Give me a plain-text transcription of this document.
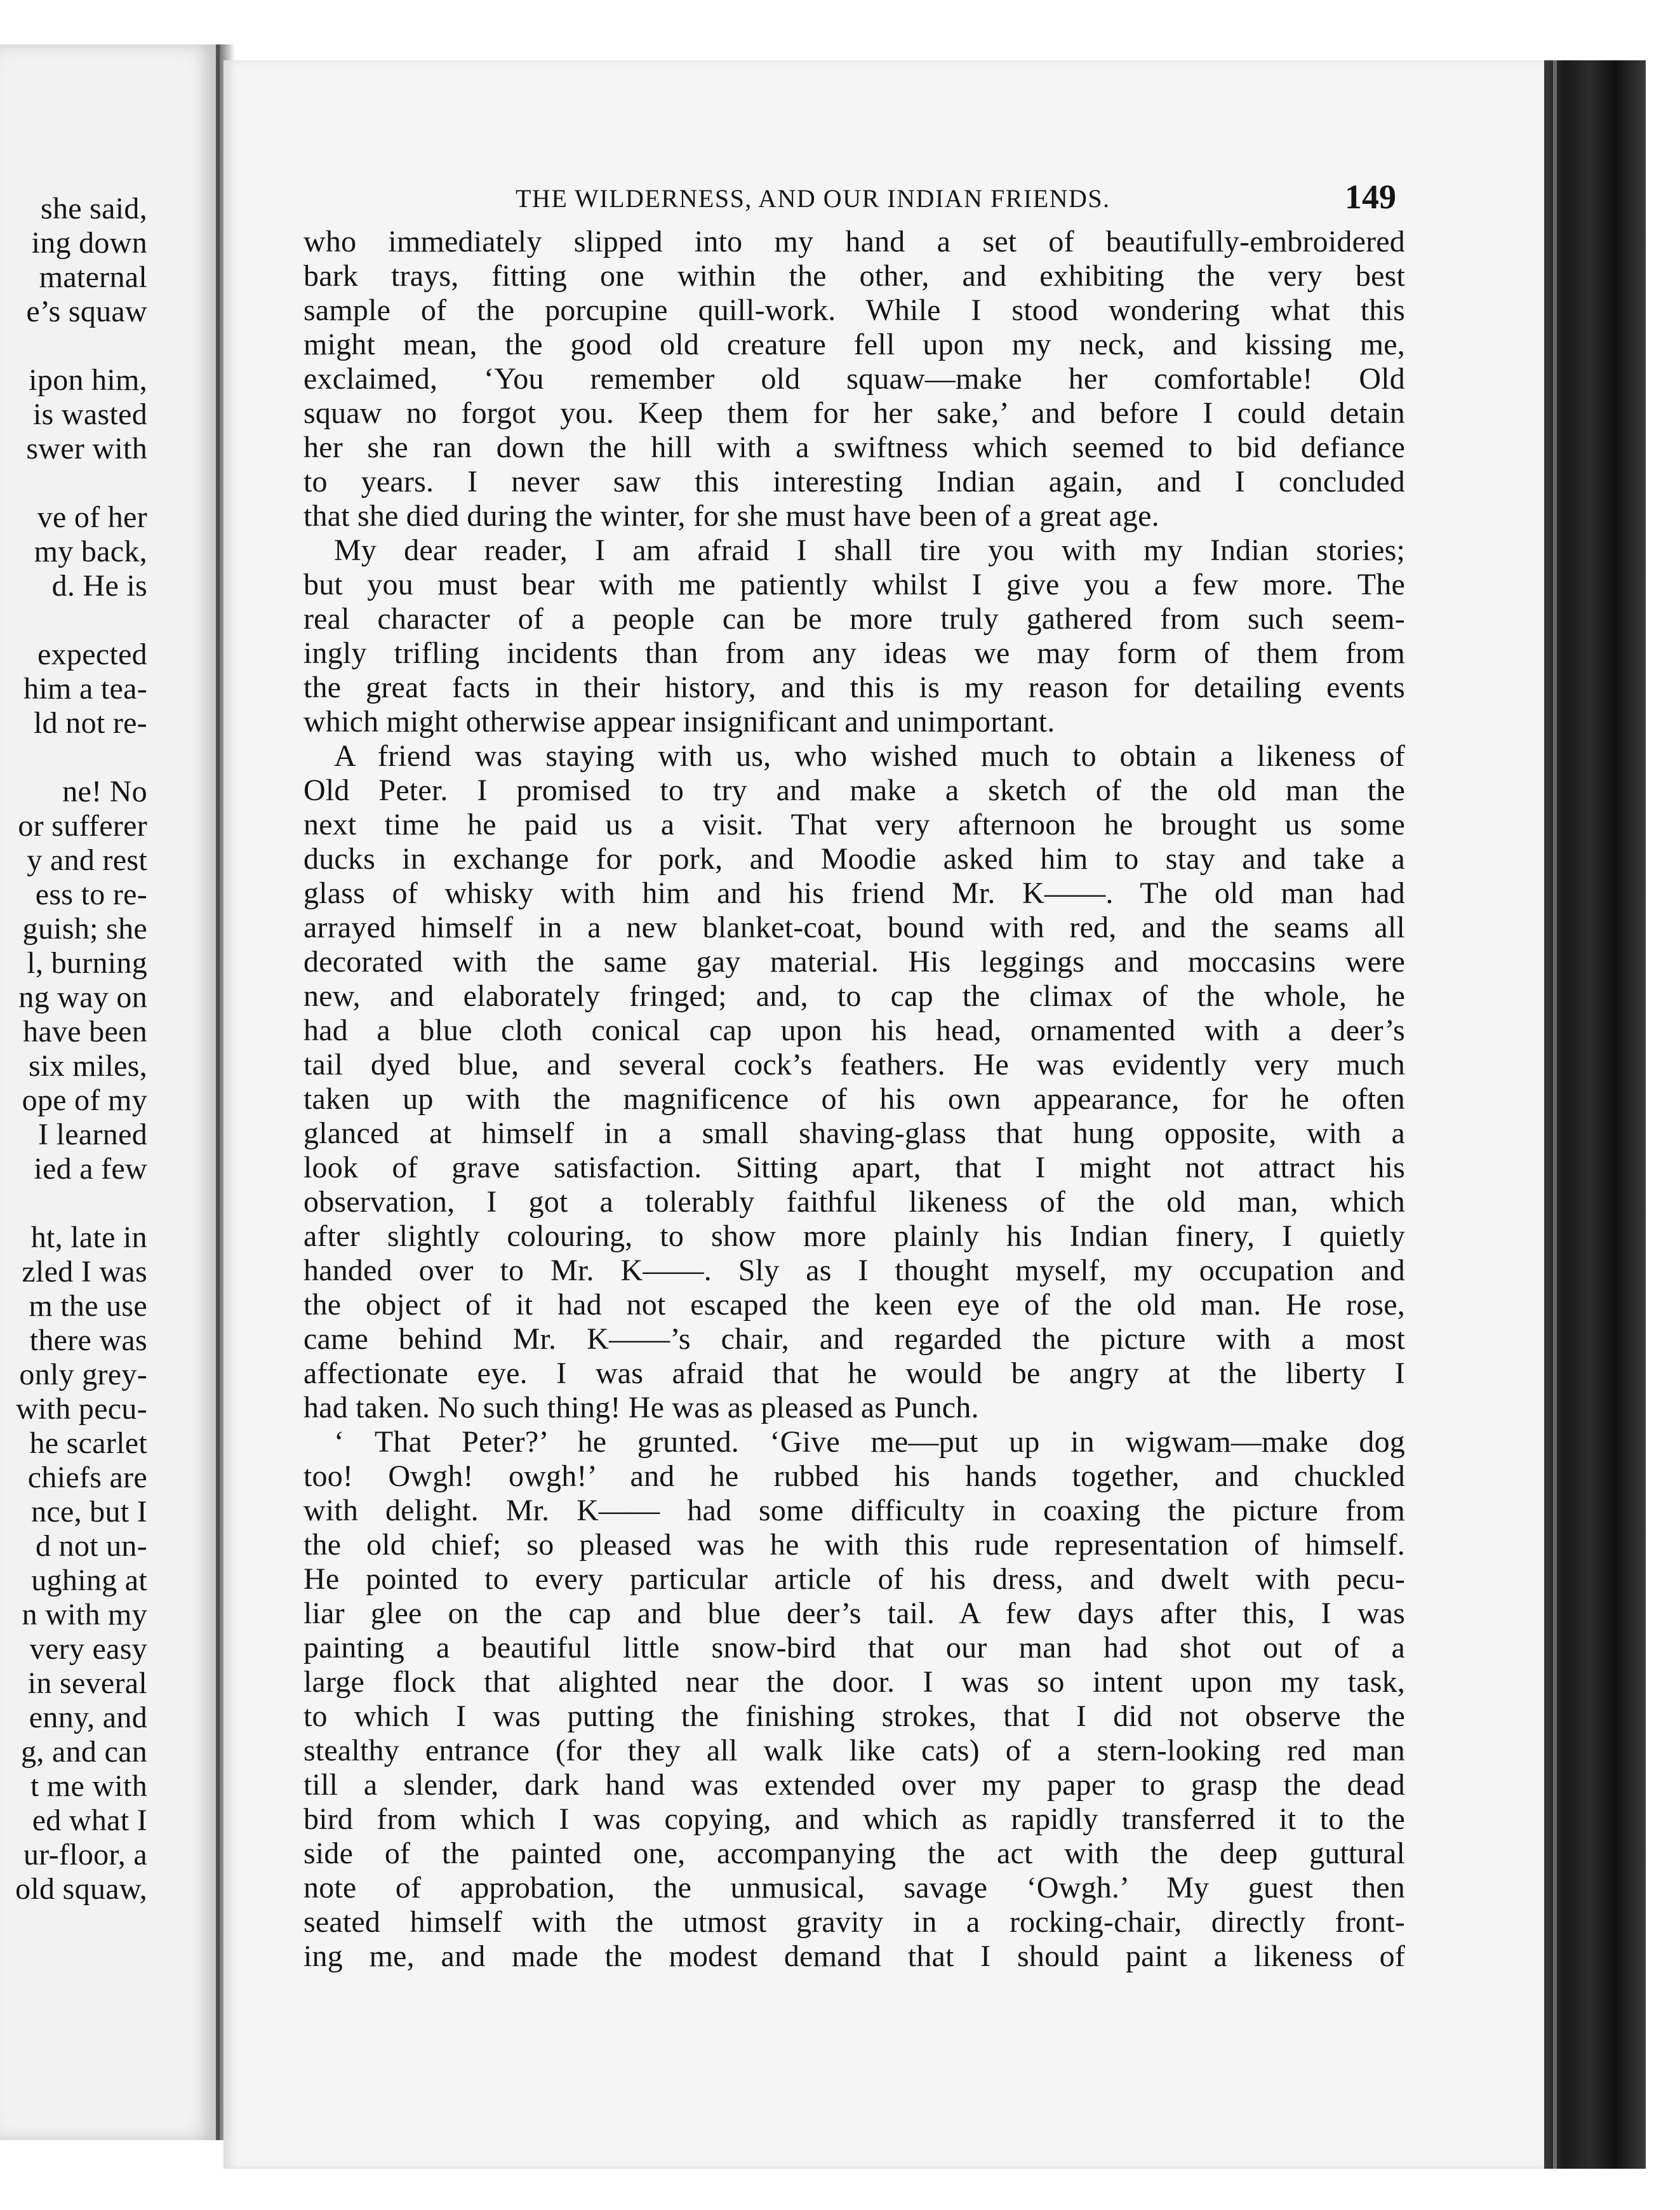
she said,
ing down
maternal
e’s squaw
ipon him,
is wasted
swer with
ve of her
my back,
d. He is
expected
him a tea-
ld not re-
ne! No
or sufferer
y and rest
ess to re-
guish; she
l, burning
ng way on
have been
six miles,
ope of my
I learned
ied a few
ht, late in
zled I was
m the use
there was
only grey-
with pecu-
he scarlet
chiefs are
nce, but I
d not un-
ughing at
n with my
very easy
in several
enny, and
g, and can
t me with
ed what I
ur-floor, a
old squaw,
THE WILDERNESS, AND OUR INDIAN FRIENDS.	149
who immediately slipped into my hand a set of beautifully-embroidered
bark trays, fitting one within the other, and exhibiting the very best
sample of the porcupine quill-work. While I stood wondering what this
might mean, the good old creature fell upon my neck, and kissing me,
exclaimed, ‘You remember old squaw—make her comfortable! Old
squaw no forgot you. Keep them for her sake,’ and before I could detain
her she ran down the hill with a swiftness which seemed to bid defiance
to years. I never saw this interesting Indian again, and I concluded
that she died during the winter, for she must have been of a great age.
My dear reader, I am afraid I shall tire you with my Indian stories;
but you must bear with me patiently whilst I give you a few more. The
real character of a people can be more truly gathered from such seem-
ingly trifling incidents than from any ideas we may form of them from
the great facts in their history, and this is my reason for detailing events
which might otherwise appear insignificant and unimportant.
A friend was staying with us, who wished much to obtain a likeness of
Old Peter. I promised to try and make a sketch of the old man the
next time he paid us a visit. That very afternoon he brought us some
ducks in exchange for pork, and Moodie asked him to stay and take a
glass of whisky with him and his friend Mr. K——. The old man had
arrayed himself in a new blanket-coat, bound with red, and the seams all
decorated with the same gay material. His leggings and moccasins were
new, and elaborately fringed; and, to cap the climax of the whole, he
had a blue cloth conical cap upon his head, ornamented with a deer’s
tail dyed blue, and several cock’s feathers. He was evidently very much
taken up with the magnificence of his own appearance, for he often
glanced at himself in a small shaving-glass that hung opposite, with a
look of grave satisfaction. Sitting apart, that I might not attract his
observation, I got a tolerably faithful likeness of the old man, which
after slightly colouring, to show more plainly his Indian finery, I quietly
handed over to Mr. K——. Sly as I thought myself, my occupation and
the object of it had not escaped the keen eye of the old man. He rose,
came behind Mr. K——’s chair, and regarded the picture with a most
affectionate eye. I was afraid that he would be angry at the liberty I
had taken. No such thing! He was as pleased as Punch.
‘ That Peter?’ he grunted. ‘Give me—put up in wigwam—make dog
too! Owgh! owgh!’ and he rubbed his hands together, and chuckled
with delight. Mr. K—— had some difficulty in coaxing the picture from
the old chief; so pleased was he with this rude representation of himself.
He pointed to every particular article of his dress, and dwelt with pecu-
liar glee on the cap and blue deer’s tail. A few days after this, I was
painting a beautiful little snow-bird that our man had shot out of a
large flock that alighted near the door. I was so intent upon my task,
to which I was putting the finishing strokes, that I did not observe the
stealthy entrance (for they all walk like cats) of a stern-looking red man
till a slender, dark hand was extended over my paper to grasp the dead
bird from which I was copying, and which as rapidly transferred it to the
side of the painted one, accompanying the act with the deep guttural
note of approbation, the unmusical, savage ‘Owgh.’ My guest then
seated himself with the utmost gravity in a rocking-chair, directly front-
ing me, and made the modest demand that I should paint a likeness of
